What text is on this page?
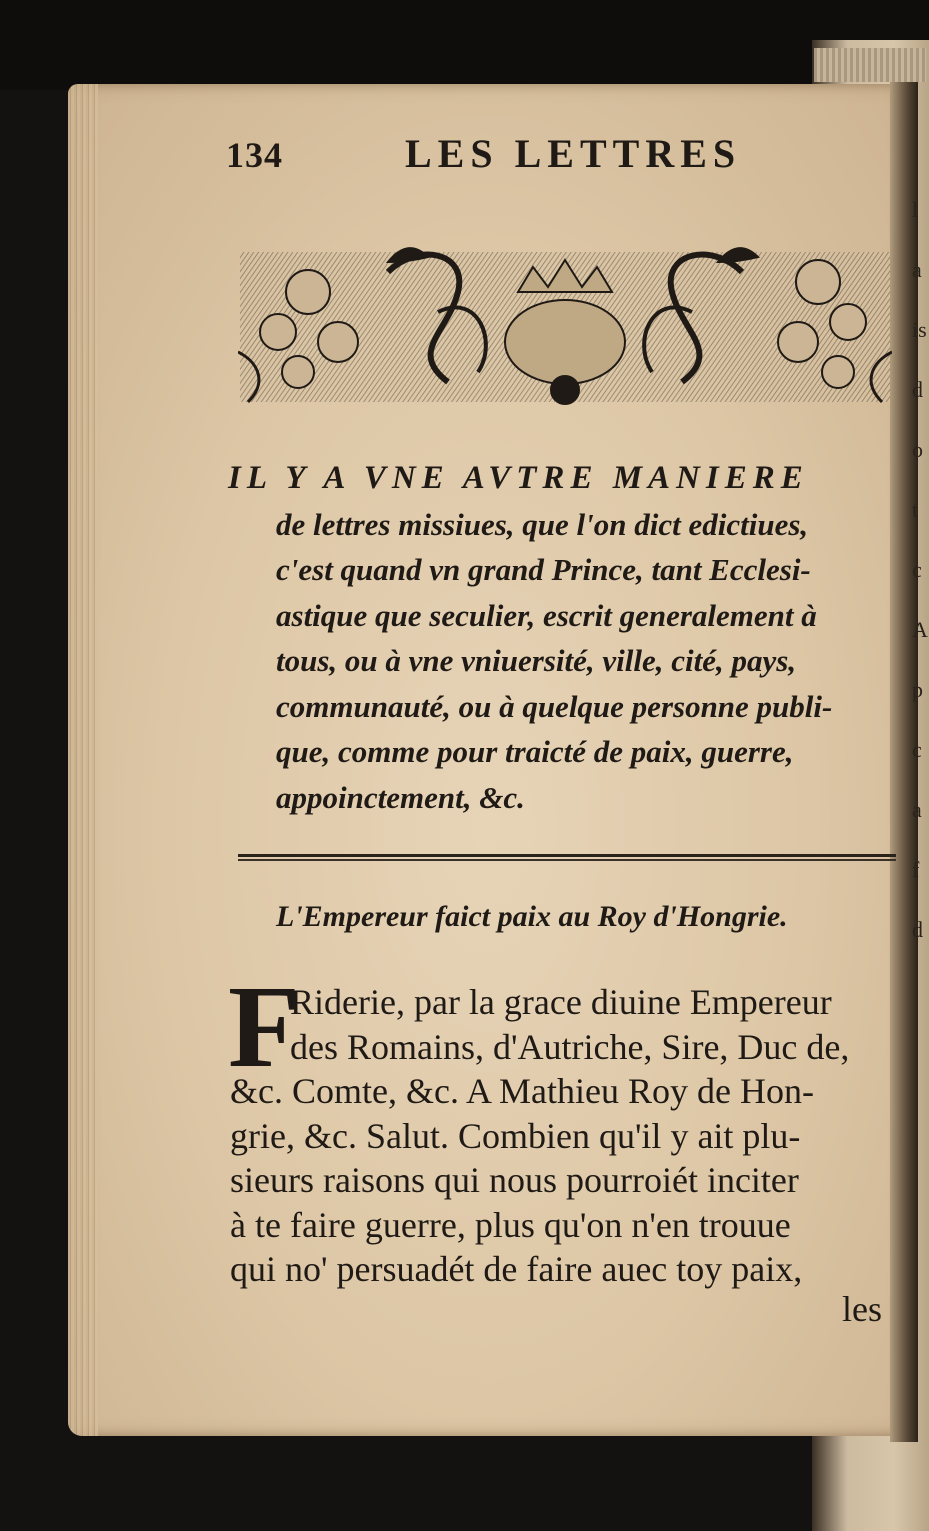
l
a
is
d
o
t
c
A
p
c
a
f
d
134	LES LETTRES
IL Y A VNE AVTRE MANIERE
de lettres missiues, que l'on dict edictiues,
c'est quand vn grand Prince, tant Ecclesi-
astique que seculier, escrit generalement à
tous, ou à vne vniuersité, ville, cité, pays,
communauté, ou à quelque personne publi-
que, comme pour traicté de paix, guerre,
appoinctement, &c.
L'Empereur faict paix au Roy d'Hongrie.
F
Riderie, par la grace diuine Empereur
des Romains, d'Autriche, Sire, Duc de,
&c. Comte, &c. A Mathieu Roy de Hon-
grie, &c. Salut. Combien qu'il y ait plu-
sieurs raisons qui nous pourroiét inciter
à te faire guerre, plus qu'on n'en trouue
qui no' persuadét de faire auec toy paix,
les
